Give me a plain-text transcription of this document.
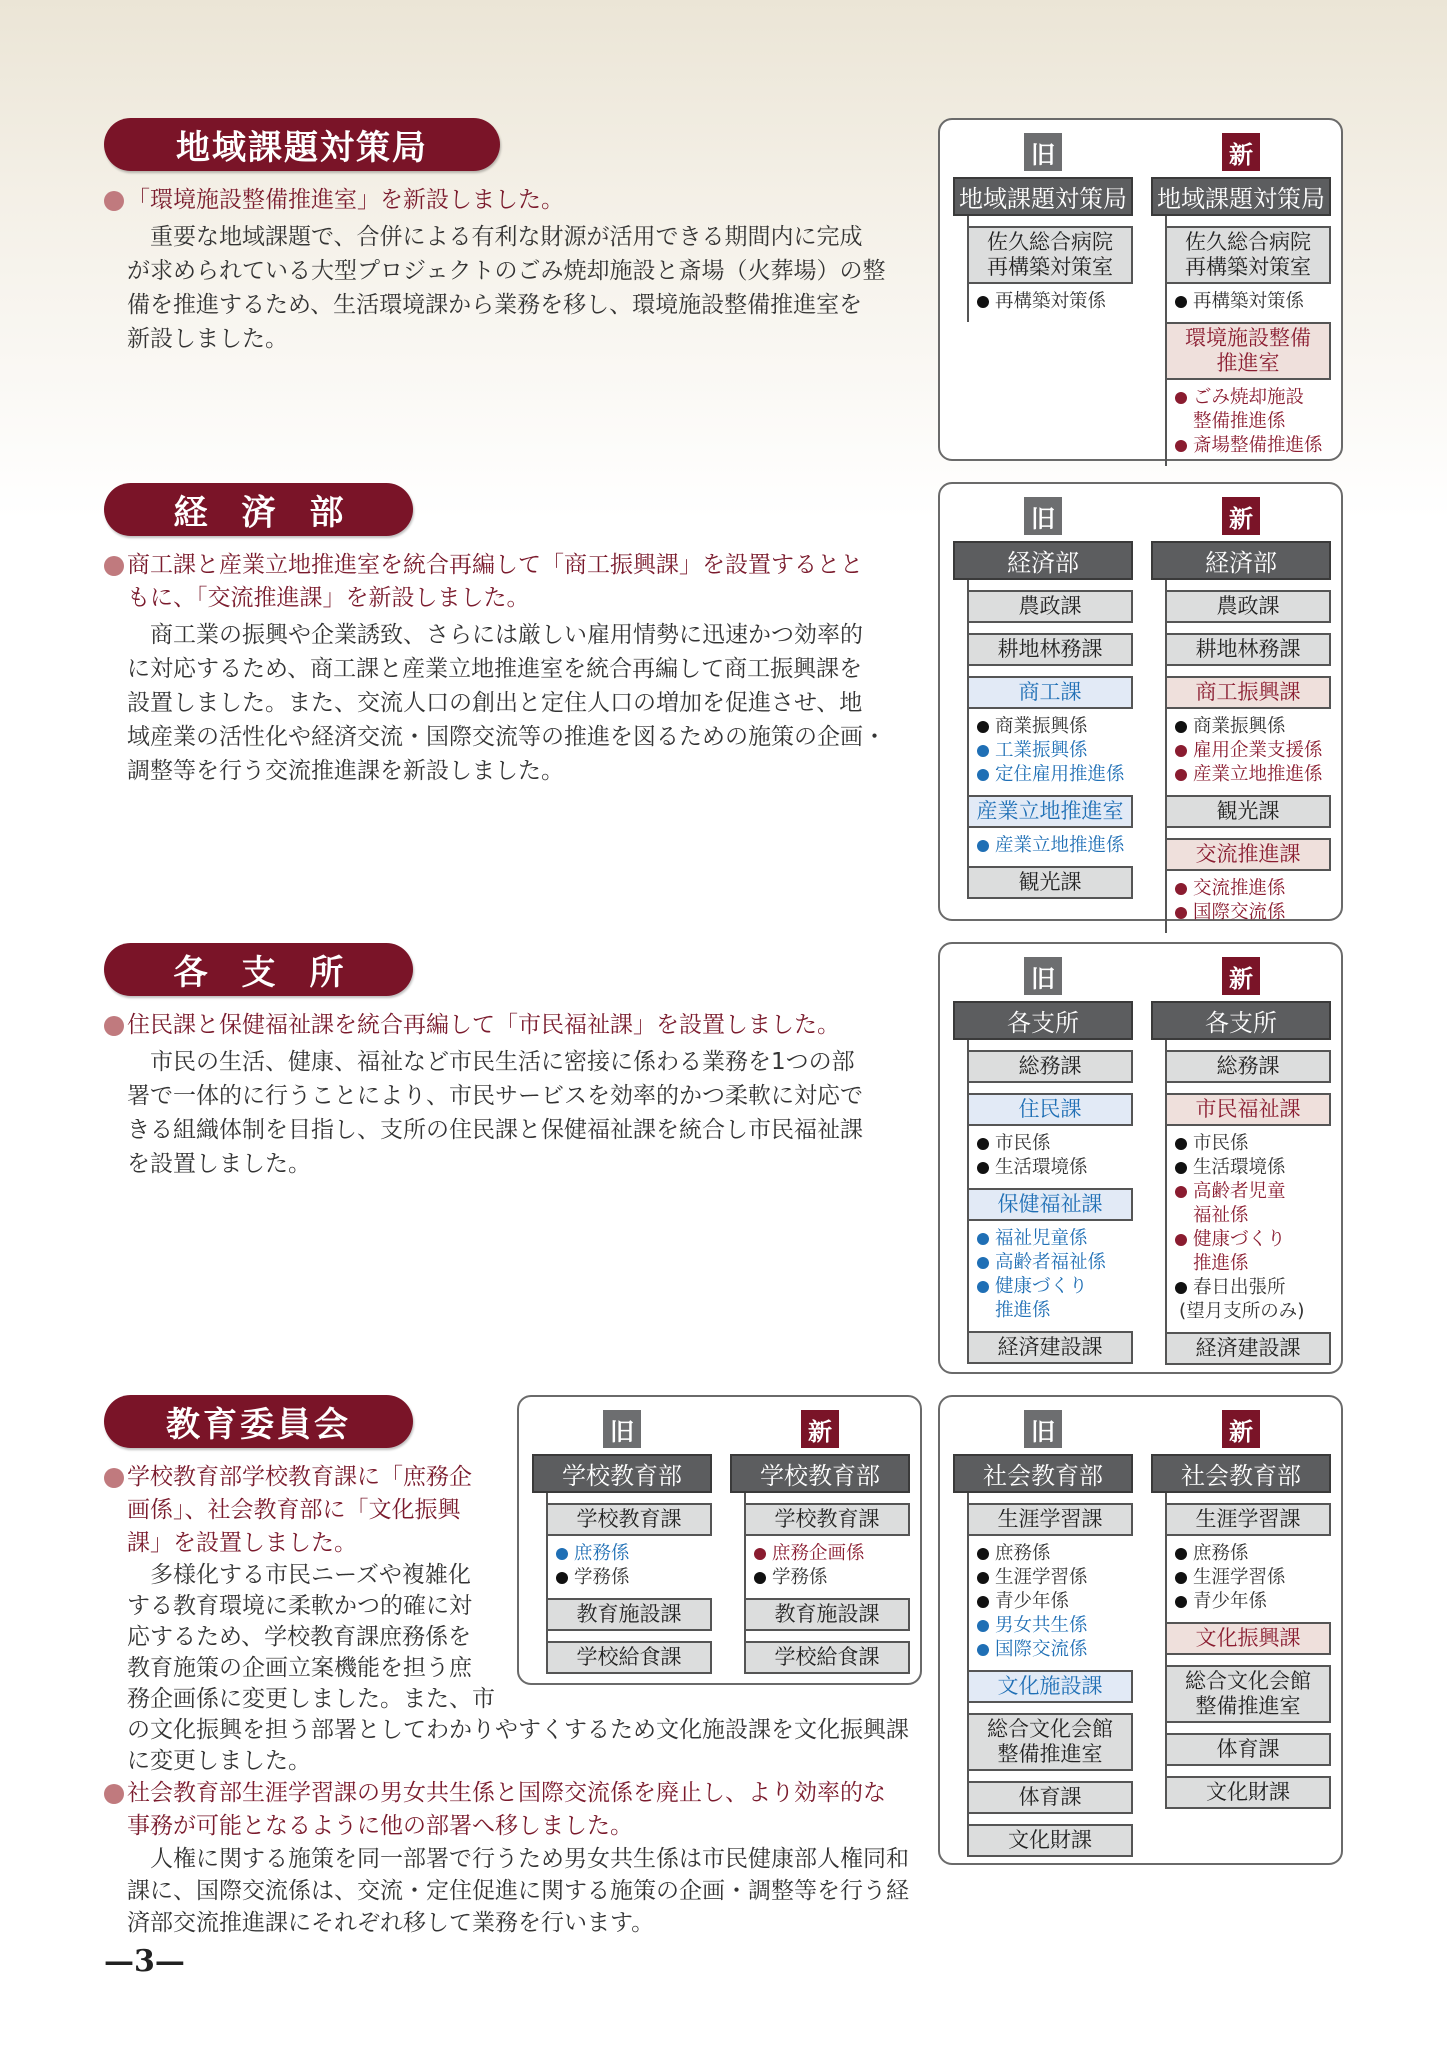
地域課題対策局
「環境施設整備推進室」を新設しました。
重要な地域課題で、合併による有利な財源が活用できる期間内に完成
が求められている大型プロジェクトのごみ焼却施設と斎場（火葬場）の整
備を推進するため、生活環境課から業務を移し、環境施設整備推進室を
新設しました。
経済部
商工課と産業立地推進室を統合再編して「商工振興課」を設置するとと
もに、「交流推進課」を新設しました。
商工業の振興や企業誘致、さらには厳しい雇用情勢に迅速かつ効率的
に対応するため、商工課と産業立地推進室を統合再編して商工振興課を
設置しました。また、交流人口の創出と定住人口の増加を促進させ、地
域産業の活性化や経済交流・国際交流等の推進を図るための施策の企画・
調整等を行う交流推進課を新設しました。
各支所
住民課と保健福祉課を統合再編して「市民福祉課」を設置しました。
市民の生活、健康、福祉など市民生活に密接に係わる業務を1つの部
署で一体的に行うことにより、市民サービスを効率的かつ柔軟に対応で
きる組織体制を目指し、支所の住民課と保健福祉課を統合し市民福祉課
を設置しました。
教育委員会
学校教育部学校教育課に「庶務企
画係」、社会教育部に「文化振興
課」を設置しました。
多様化する市民ニーズや複雑化
する教育環境に柔軟かつ的確に対
応するため、学校教育課庶務係を
教育施策の企画立案機能を担う庶
務企画係に変更しました。また、市
の文化振興を担う部署としてわかりやすくするため文化施設課を文化振興課
に変更しました。
社会教育部生涯学習課の男女共生係と国際交流係を廃止し、より効率的な
事務が可能となるように他の部署へ移しました。
人権に関する施策を同一部署で行うため男女共生係は市民健康部人権同和
課に、国際交流係は、交流・定住促進に関する施策の企画・調整等を行う経
済部交流推進課にそれぞれ移して業務を行います。
旧
地域課題対策局
佐久総合病院
再構築対策室
再構築対策係
新
地域課題対策局
佐久総合病院
再構築対策室
再構築対策係
環境施設整備
推進室
ごみ焼却施設
整備推進係
斎場整備推進係
旧
経済部
農政課
耕地林務課
商工課
商業振興係
工業振興係
定住雇用推進係
産業立地推進室
産業立地推進係
観光課
新
経済部
農政課
耕地林務課
商工振興課
商業振興係
雇用企業支援係
産業立地推進係
観光課
交流推進課
交流推進係
国際交流係
旧
各支所
総務課
住民課
市民係
生活環境係
保健福祉課
福祉児童係
高齢者福祉係
健康づくり
推進係
経済建設課
新
各支所
総務課
市民福祉課
市民係
生活環境係
高齢者児童
福祉係
健康づくり
推進係
春日出張所
(望月支所のみ)
経済建設課
旧
学校教育部
学校教育課
庶務係
学務係
教育施設課
学校給食課
新
学校教育部
学校教育課
庶務企画係
学務係
教育施設課
学校給食課
旧
社会教育部
生涯学習課
庶務係
生涯学習係
青少年係
男女共生係
国際交流係
文化施設課
総合文化会館
整備推進室
体育課
文化財課
新
社会教育部
生涯学習課
庶務係
生涯学習係
青少年係
文化振興課
総合文化会館
整備推進室
体育課
文化財課
—3—
